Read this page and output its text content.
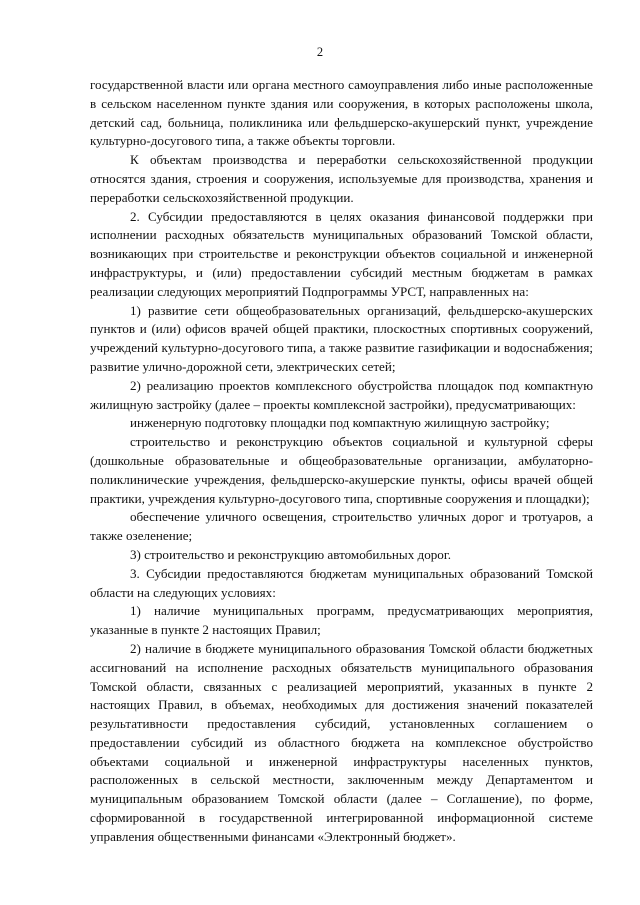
2

государственной власти или органа местного самоуправления либо иные расположенные в сельском населенном пункте здания или сооружения, в которых расположены школа, детский сад, больница, поликлиника или фельдшерско-акушерский пункт, учреждение культурно-досугового типа, а также объекты торговли.

К объектам производства и переработки сельскохозяйственной продукции относятся здания, строения и сооружения, используемые для производства, хранения и переработки сельскохозяйственной продукции.

2. Субсидии предоставляются в целях оказания финансовой поддержки при исполнении расходных обязательств муниципальных образований Томской области, возникающих при строительстве и реконструкции объектов социальной и инженерной инфраструктуры, и (или) предоставлении субсидий местным бюджетам в рамках реализации следующих мероприятий Подпрограммы УРСТ, направленных на:

1) развитие сети общеобразовательных организаций, фельдшерско-акушерских пунктов и (или) офисов врачей общей практики, плоскостных спортивных сооружений, учреждений культурно-досугового типа, а также развитие газификации и водоснабжения; развитие улично-дорожной сети, электрических сетей;

2) реализацию проектов комплексного обустройства площадок под компактную жилищную застройку (далее – проекты комплексной застройки), предусматривающих:

инженерную подготовку площадки под компактную жилищную застройку;

строительство и реконструкцию объектов социальной и культурной сферы (дошкольные образовательные и общеобразовательные организации, амбулаторно-поликлинические учреждения, фельдшерско-акушерские пункты, офисы врачей общей практики, учреждения культурно-досугового типа, спортивные сооружения и площадки);

обеспечение уличного освещения, строительство уличных дорог и тротуаров, а также озеленение;

3) строительство и реконструкцию автомобильных дорог.

3. Субсидии предоставляются бюджетам муниципальных образований Томской области на следующих условиях:

1) наличие муниципальных программ, предусматривающих мероприятия, указанные в пункте 2 настоящих Правил;

2) наличие в бюджете муниципального образования Томской области бюджетных ассигнований на исполнение расходных обязательств муниципального образования Томской области, связанных с реализацией мероприятий, указанных в пункте 2 настоящих Правил, в объемах, необходимых для достижения значений показателей результативности предоставления субсидий, установленных соглашением о предоставлении субсидий из областного бюджета на комплексное обустройство объектами социальной и инженерной инфраструктуры населенных пунктов, расположенных в сельской местности, заключенным между Департаментом и муниципальным образованием Томской области (далее – Соглашение), по форме, сформированной в государственной интегрированной информационной системе управления общественными финансами «Электронный бюджет».
